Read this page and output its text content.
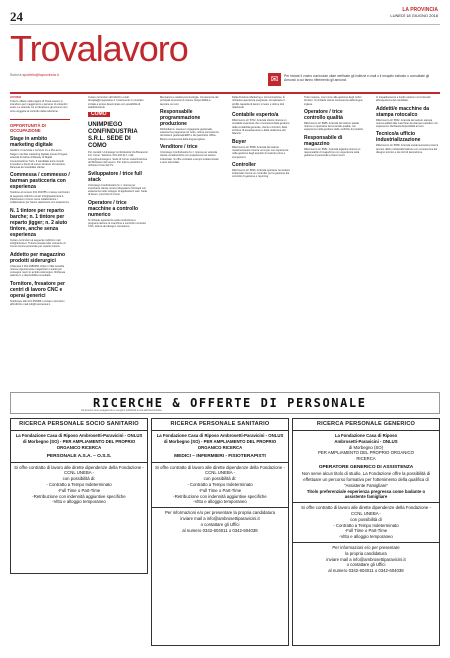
24	LA PROVINCIA
LUNEDÌ 18 GIUGNO 2018
Trovalavoro
Scrivi a sportello@laprovincia.it	✉	Per inviare il vostro curriculum vitae verificate gli indirizzi e-mail o il recapito indicato o consultate gli Annunci a cui fanno riferimento gli annunci.

AVVISO

Tutte le offerte nelle pagine di Trova Lavoro si intendono per maggiorenni e persone di entrambi i sessi. Le aziende cui si riferiscono gli annunci non sono soggette al controllo della redazione.

OPPORTUNITÀ DI OCCUPAZIONE
Stage in ambito marketing digitale

Giudizio / Intervista o scrivere Cv a Mi-Lecco.

Stage in ambito marketing digitale presso Progest, azienda fornitrice di Beauty di Digital Comunicazione Turin. Il candidato avrà compiti innovativi a bordo di nuove strutture di business. Ricevuta del candidato cliente.

Commessa / commesso / barman pasticceria con esperienza

Telefono al numero 031.262785 o inviare curriculum al seguente indirizzo email: info@pasticceria.it. Pasticceria in Como cerca collaboratrice / collaboratore per banco pasticceria con esperienza.

N. 1 tintore per reparto barche; n. 1 tintore per reparto jigger; n. 2 aiuto tintore, anche senza esperienza

Inviare curriculum al seguente indirizzo mail info@tintoria.it. Tintoria situata nelle vicinanze di Como ricerca personale per reparto tintoria.

Addetto per magazzino prodotti siderurgici

Chiamare il 031.2686384. Ditta in Villa Guardia ricerca urgentemente magazzieri e autisti per consegne merci in ambito siderurgico. Richiesta patente C e disponibilità immediata.

Tornitore, fresatore per centri di lavoro CNC e operai generici

Telefonare allo 031.452386 o inviare curriculum all'indirizzo mail info@meccanica.it.

Inviare curriculum all'indirizzo email: famiglia@progressive.it. Inserimento in contratto iniziale a tempo determinato con possibilità di stabilizzazione.

COMO
UNIMPIEGO CONFINDUSTRIA S.R.L. SEDE DI COMO

Per contatti: Unimpiego Confindustria Via Bonanomi 1/d, Como. Telefono: 031.234.417, mail: como@unimpiego.it. Sede di Como. Autorizzazione del Ministero del Lavoro. Per tutte le posizioni è richiesto l'invio del CV.

Sviluppatore / trice full stack

Unimpiego Confindustria S.r.l. ricerca per importante cliente uno/a sviluppatore full stack con esperienza nello sviluppo di applicazioni web. Sede di lavoro: provincia di Como.

Operatore / trice macchine a controllo numerico

Si richiede esperienza nella conduzione e programmazione di macchine a controllo numerico CNC, lettura del disegno meccanico.

Meccanica e relativa terminologia. Conoscenza dei principali strumenti di misura. Disponibilità a lavorare su turni.

Responsabile programmazione produzione

Richiediamo: Laurea in ingegneria gestionale, esperienza pregressa nel ruolo, ottima conoscenza dei sistemi gestionali ERP e del pacchetto Office. Buona conoscenza della lingua inglese.

Venditore / trice

Unimpiego Confindustria S.r.l. ricerca per azienda cliente venditore/trice con esperienza nel settore industriale. Si offre contratto a tempo indeterminato e auto aziendale.

Della divisione Marketing e Comunicazione. È richiesta esperienza pregressa. Completano il profilo capacità di lavoro in team e ottime doti relazionali.

Contabile esperto/a

Riferimento LF 5702. Azienda cliente ricerca un contabile esperto/a che si occuperà della gestione della contabilità generale, clienti e fornitori, delle scritture di assestamento e della redazione del bilancio.

Buyer

Riferimento LF 5698. Azienda del settore metalmeccanico ricerca un buyer con esperienza nella gestione degli acquisti di materie prime e componenti.

Controller

Riferimento LF 5694. Azienda operante nel settore industriale ricerca un controller per la gestione del controllo di gestione e reporting.

Tutto insieme, così come alla gestione degli ordini fornitori. Si richiede ottima conoscenza della lingua inglese.

Operatore / trice controllo qualità

Riferimento LF 5685. Azienda del settore tessile ricerca un operatore del controllo qualità, con esperienza nella gestione delle verifiche di prodotto.

Responsabile di magazzino

Riferimento LF 5681. Azienda logistica ricerca un responsabile di magazzino con esperienza nella gestione di personale e flussi merci.

In inquadramento e livello saranno commisurati all'esperienza del candidato.

Addetti/e macchine da stampa rotocalco

Riferimento LF 5662. Azienda del settore stampa ricerca addetti alle macchine da stampa rotocalco con esperienza. Richiesta disponibilità ai turni.

Tecnico/a ufficio industrializzazione

Riferimento LF 5658. Azienda metalmeccanica ricerca tecnico ufficio industrializzazione con conoscenza del disegno tecnico e dei cicli di lavorazione.

RICERCHE & OFFERTE DI PERSONALE
Gli annunci sono a pagamento e vengono pubblicati a cura dell'inserzionista
RICERCA PERSONALE SOCIO SANITARIO
La Fondazione Casa di Riposo Ambrosetti-Paravicini - ONLUS di Morbegno (SO) - PER AMPLIAMENTO DEL PROPRIO ORGANICO RICERCA
PERSONALE A.S.A. – O.S.S.
Si offre contratto di lavoro alle dirette dipendenze della Fondazione - CCNL UNEBA -
con possibilità di:
- Contratto a Tempo Indeterminato
-Full Time o Part-Time
-Retribuzione con indennità aggiuntive specifiche
-Vitto e alloggio temporaneo
RICERCA PERSONALE SANITARIO
La Fondazione Casa di Riposo Ambrosetti-Paravicini - ONLUS di Morbegno (SO) - PER AMPLIAMENTO DEL PROPRIO ORGANICO RICERCA
MEDICI – INFERMIERI - FISIOTERAPISTI
Si offre contratto di lavoro alle dirette dipendenze della Fondazione - CCNL UNEBA -
con possibilità di:
- Contratto a Tempo Indeterminato
-Full Time o Part-Time
-Retribuzione con indennità aggiuntive specifiche
-Vitto e alloggio temporaneo
Per informazioni e/o per presentare la propria candidatura
inviare mail a info@ambrosettiparavicini.it
o contattare gli Uffici
al numero 0342-604011 o 0342-604038
RICERCA PERSONALE GENERICO
La Fondazione Casa di Riposo
Ambrosetti-Paravicini - ONLUS
di Morbegno (SO)
PER AMPLIAMENTO DEL PROPRIO ORGANICO
RICERCA
OPERATORE GENERICO DI ASSISTENZA
Non serve alcun titolo di studio. La Fondazione offre la possibilità di effettuare un percorso formativo per l'ottenimento della qualifica di "Assistente Famigliare"
Titolo preferenziale esperienza pregressa come badante o assistente famigliare
Si offre contratto di lavoro alle dirette dipendenze della Fondazione - CCNL UNEBA -
con possibilità di
- Contratto a Tempo Indeterminato
-Full Time o Part-Time
-Vitto e alloggio temporaneo
Per informazioni e/o per presentare
la propria candidatura
inviare mail a info@ambrosettiparavicini.it
o contattare gli Uffici
al numero 0342-604011 o 0342-604038
